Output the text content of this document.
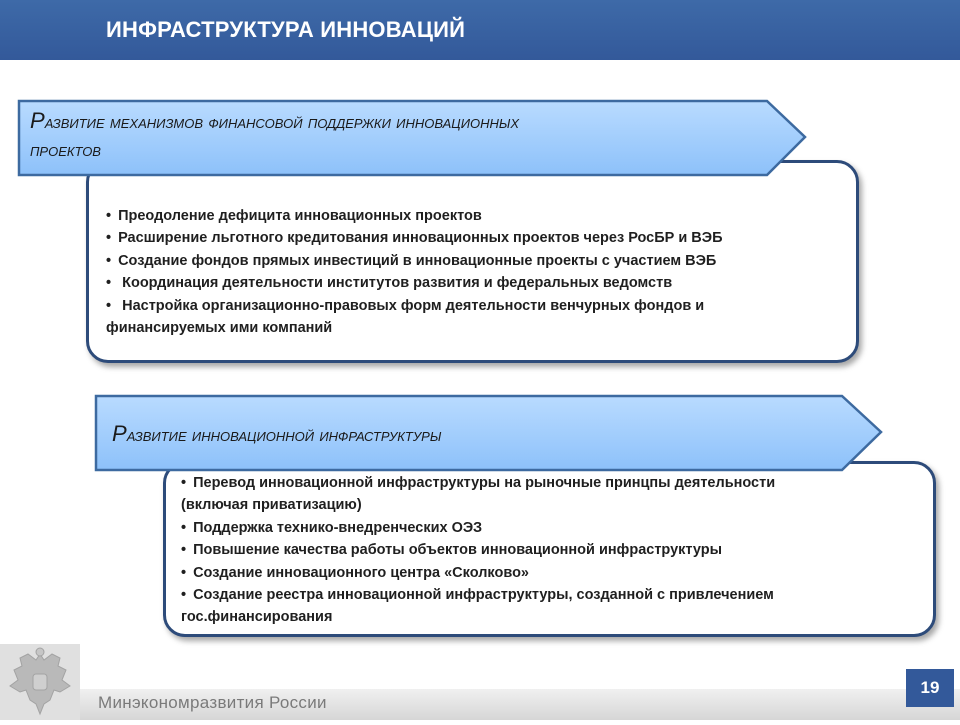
ИНФРАСТРУКТУРА ИННОВАЦИЙ
Развитие механизмов финансовой поддержки инновационных
проектов
• Преодоление дефицита инновационных проектов
• Расширение льготного кредитования инновационных проектов через РосБР и ВЭБ
• Создание фондов прямых инвестиций в инновационные проекты с участием ВЭБ
• Координация деятельности институтов развития и федеральных ведомств
• Настройка организационно-правовых форм деятельности венчурных фондов и
финансируемых ими компаний
Развитие инновационной инфраструктуры
• Перевод инновационной инфраструктуры на рыночные принцпы деятельности
(включая приватизацию)
• Поддержка технико-внедренческих ОЭЗ
• Повышение качества работы объектов инновационной инфраструктуры
• Создание инновационного центра «Сколково»
• Создание реестра инновационной инфраструктуры, созданной с привлечением
гос.финансирования
Минэкономразвития России
19
